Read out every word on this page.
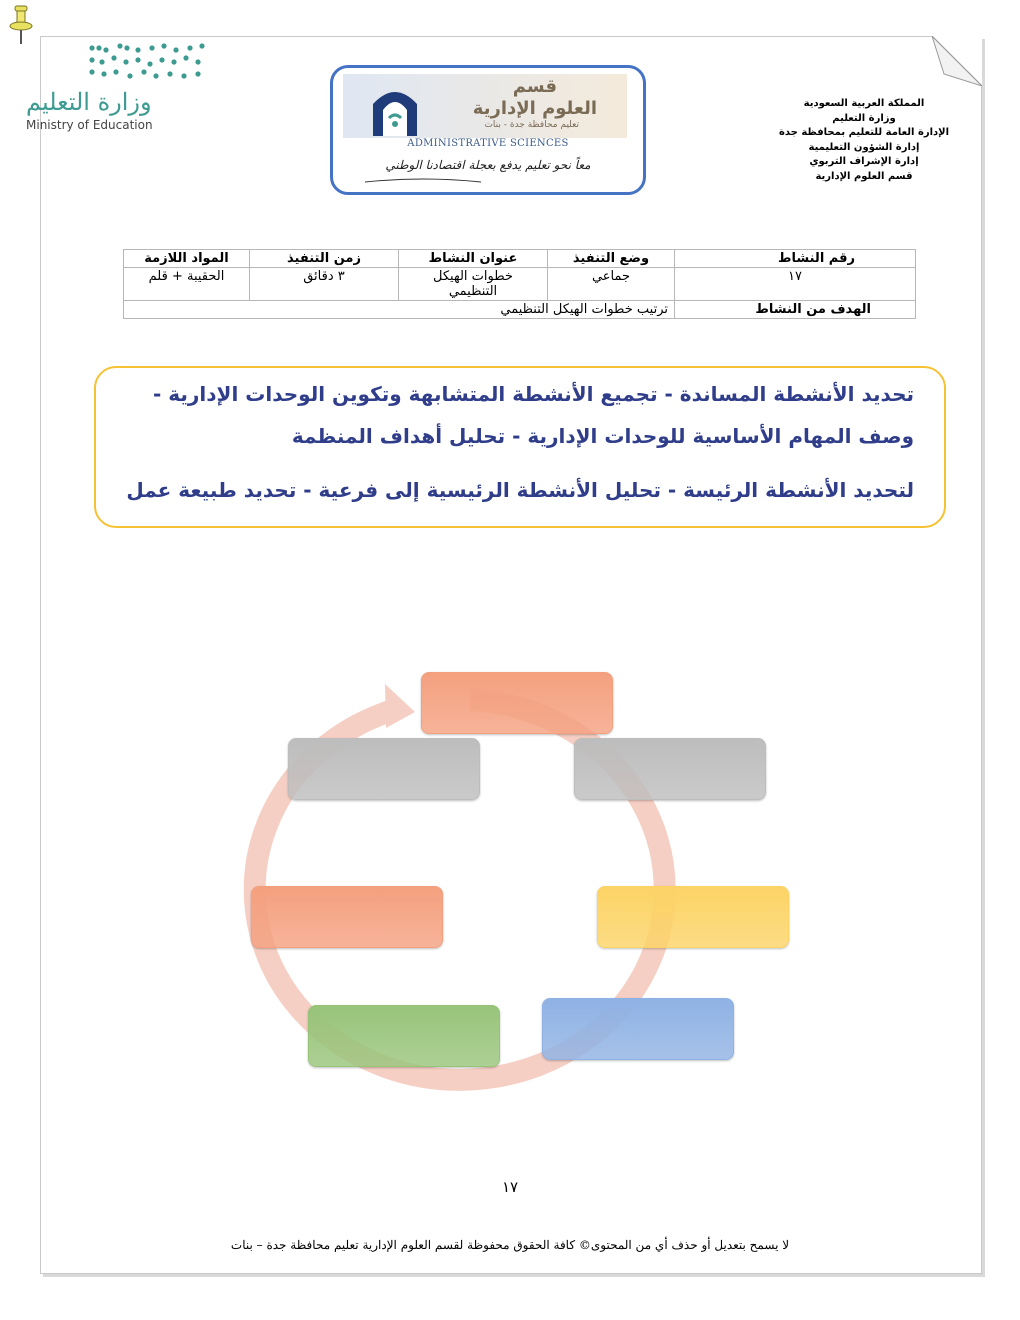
وزارة التعليم
Ministry of Education
قسم
العلوم الإدارية
تعليم محافظة جدة - بنات
ADMINISTRATIVE SCIENCES
معاً نحو تعليم يدفع بعجلة اقتصادنا الوطني
المملكة العربية السعودية
وزارة التعليم
الإدارة العامة للتعليم بمحافظة جدة
إدارة الشؤون التعليمية
إدارة الإشراف التربوي
قسم العلوم الإدارية
رقم النشاط	وضع التنفيذ	عنوان النشاط	زمن التنفيذ	المواد اللازمة
١٧	جماعي	خطوات الهيكل التنظيمي	٣ دقائق	الحقيبة + قلم
الهدف من النشاط	ترتيب خطوات الهيكل التنظيمي			
تحديد الأنشطة المساندة - تجميع الأنشطة المتشابهة وتكوين الوحدات الإدارية -
وصف المهام الأساسية للوحدات الإدارية - تحليل أهداف المنظمة
لتحديد الأنشطة الرئيسة - تحليل الأنشطة الرئيسية إلى فرعية - تحديد طبيعة عمل
١٧
لا يسمح بتعديل أو حذف أي من المحتوى© كافة الحقوق محفوظة لقسم العلوم الإدارية تعليم محافظة جدة – بنات
